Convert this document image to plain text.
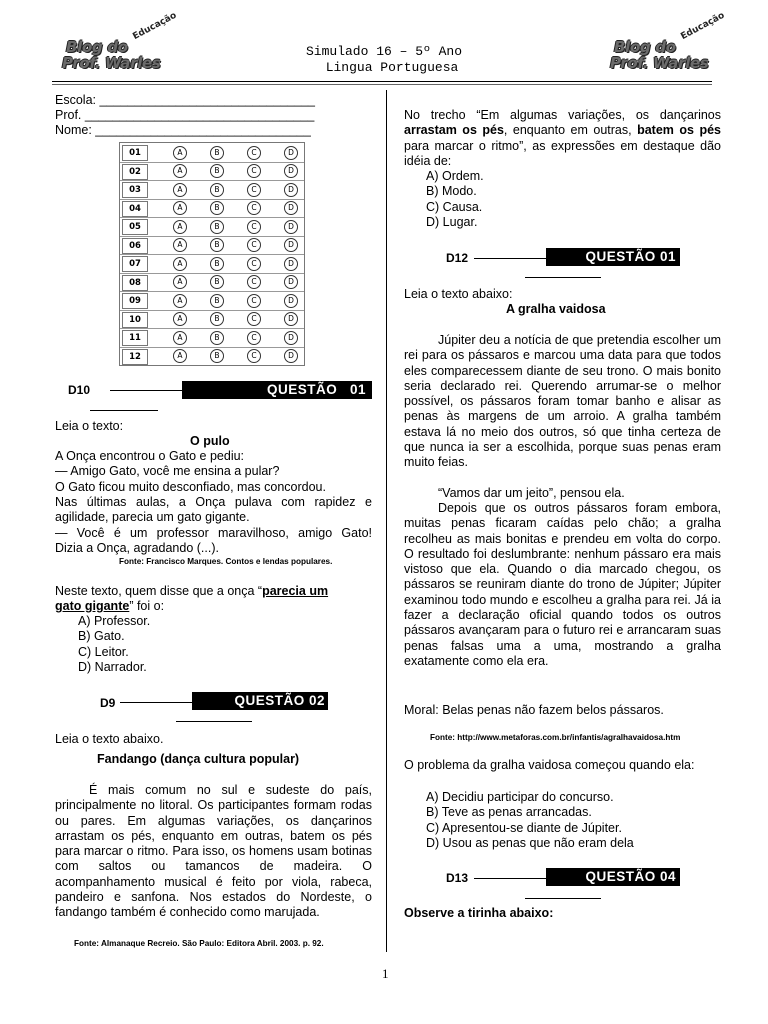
Blog do
Prof. Warles
Educação
Blog do
Prof. Warles
Educação
Simulado 16 – 5º Ano
Lingua Portuguesa
Escola: _______________________________
Prof. _________________________________
Nome: _______________________________
01	A	B	C	D
02	A	B	C	D
03	A	B	C	D
04	A	B	C	D
05	A	B	C	D
06	A	B	C	D
07	A	B	C	D
08	A	B	C	D
09	A	B	C	D
10	A	B	C	D
11	A	B	C	D
12	A	B	C	D
D10	QUESTÃO   01
Leia o texto:
O pulo
A Onça encontrou o Gato e pediu:
— Amigo Gato, você me ensina a pular?
O Gato ficou muito desconfiado, mas concordou.
Nas últimas aulas, a Onça pulava com rapidez e
agilidade, parecia um gato gigante.
— Você é um professor maravilhoso, amigo Gato!
Dizia a Onça, agradando (...).
Fonte: Francisco Marques. Contos e lendas populares.
Neste texto, quem disse que a onça “parecia um
gato gigante” foi o:
A) Professor.
B) Gato.
C) Leitor.
D) Narrador.
D9	QUESTÃO 02
Leia o texto abaixo.
Fandango (dança cultura popular)
É mais comum no sul e sudeste do país, principalmente no litoral. Os participantes formam rodas ou pares. Em algumas variações, os dançarinos arrastam os pés, enquanto em outras, batem os pés para marcar o ritmo. Para isso, os homens usam botinas com saltos ou tamancos de madeira. O acompanhamento musical é feito por viola, rabeca, pandeiro e sanfona. Nos estados do Nordeste, o fandango também é conhecido como marujada.
Fonte: Almanaque Recreio. São Paulo: Editora Abril. 2003. p. 92.
No trecho “Em algumas variações, os dançarinos arrastam os pés, enquanto em outras, batem os pés para marcar o ritmo”, as expressões em destaque dão idéia de:
A) Ordem.
B) Modo.
C) Causa.
D) Lugar.
D12	QUESTÃO 01
Leia o texto abaixo:
A gralha vaidosa
Júpiter deu a notícia de que pretendia escolher um rei para os pássaros e marcou uma data para que todos eles comparecessem diante de seu trono. O mais bonito seria declarado rei. Querendo arrumar-se o melhor possível, os pássaros foram tomar banho e alisar as penas às margens de um arroio. A gralha também estava lá no meio dos outros, só que tinha certeza de que nunca ia ser a escolhida, porque suas penas eram muito feias.
“Vamos dar um jeito”, pensou ela.
Depois que os outros pássaros foram embora, muitas penas ficaram caídas pelo chão; a gralha recolheu as mais bonitas e prendeu em volta do corpo. O resultado foi deslumbrante: nenhum pássaro era mais vistoso que ela. Quando o dia marcado chegou, os pássaros se reuniram diante do trono de Júpiter; Júpiter examinou todo mundo e escolheu a gralha para rei. Já ia fazer a declaração oficial quando todos os outros pássaros avançaram para o futuro rei e arrancaram suas penas falsas uma a uma, mostrando a gralha exatamente como ela era.
Moral: Belas penas não fazem belos pássaros.
Fonte: http://www.metaforas.com.br/infantis/agralhavaidosa.htm
O problema da gralha vaidosa começou quando ela:
A) Decidiu participar do concurso.
B) Teve as penas arrancadas.
C) Apresentou-se diante de Júpiter.
D) Usou as penas que não eram dela
D13	QUESTÃO 04
Observe a tirinha abaixo:
1
